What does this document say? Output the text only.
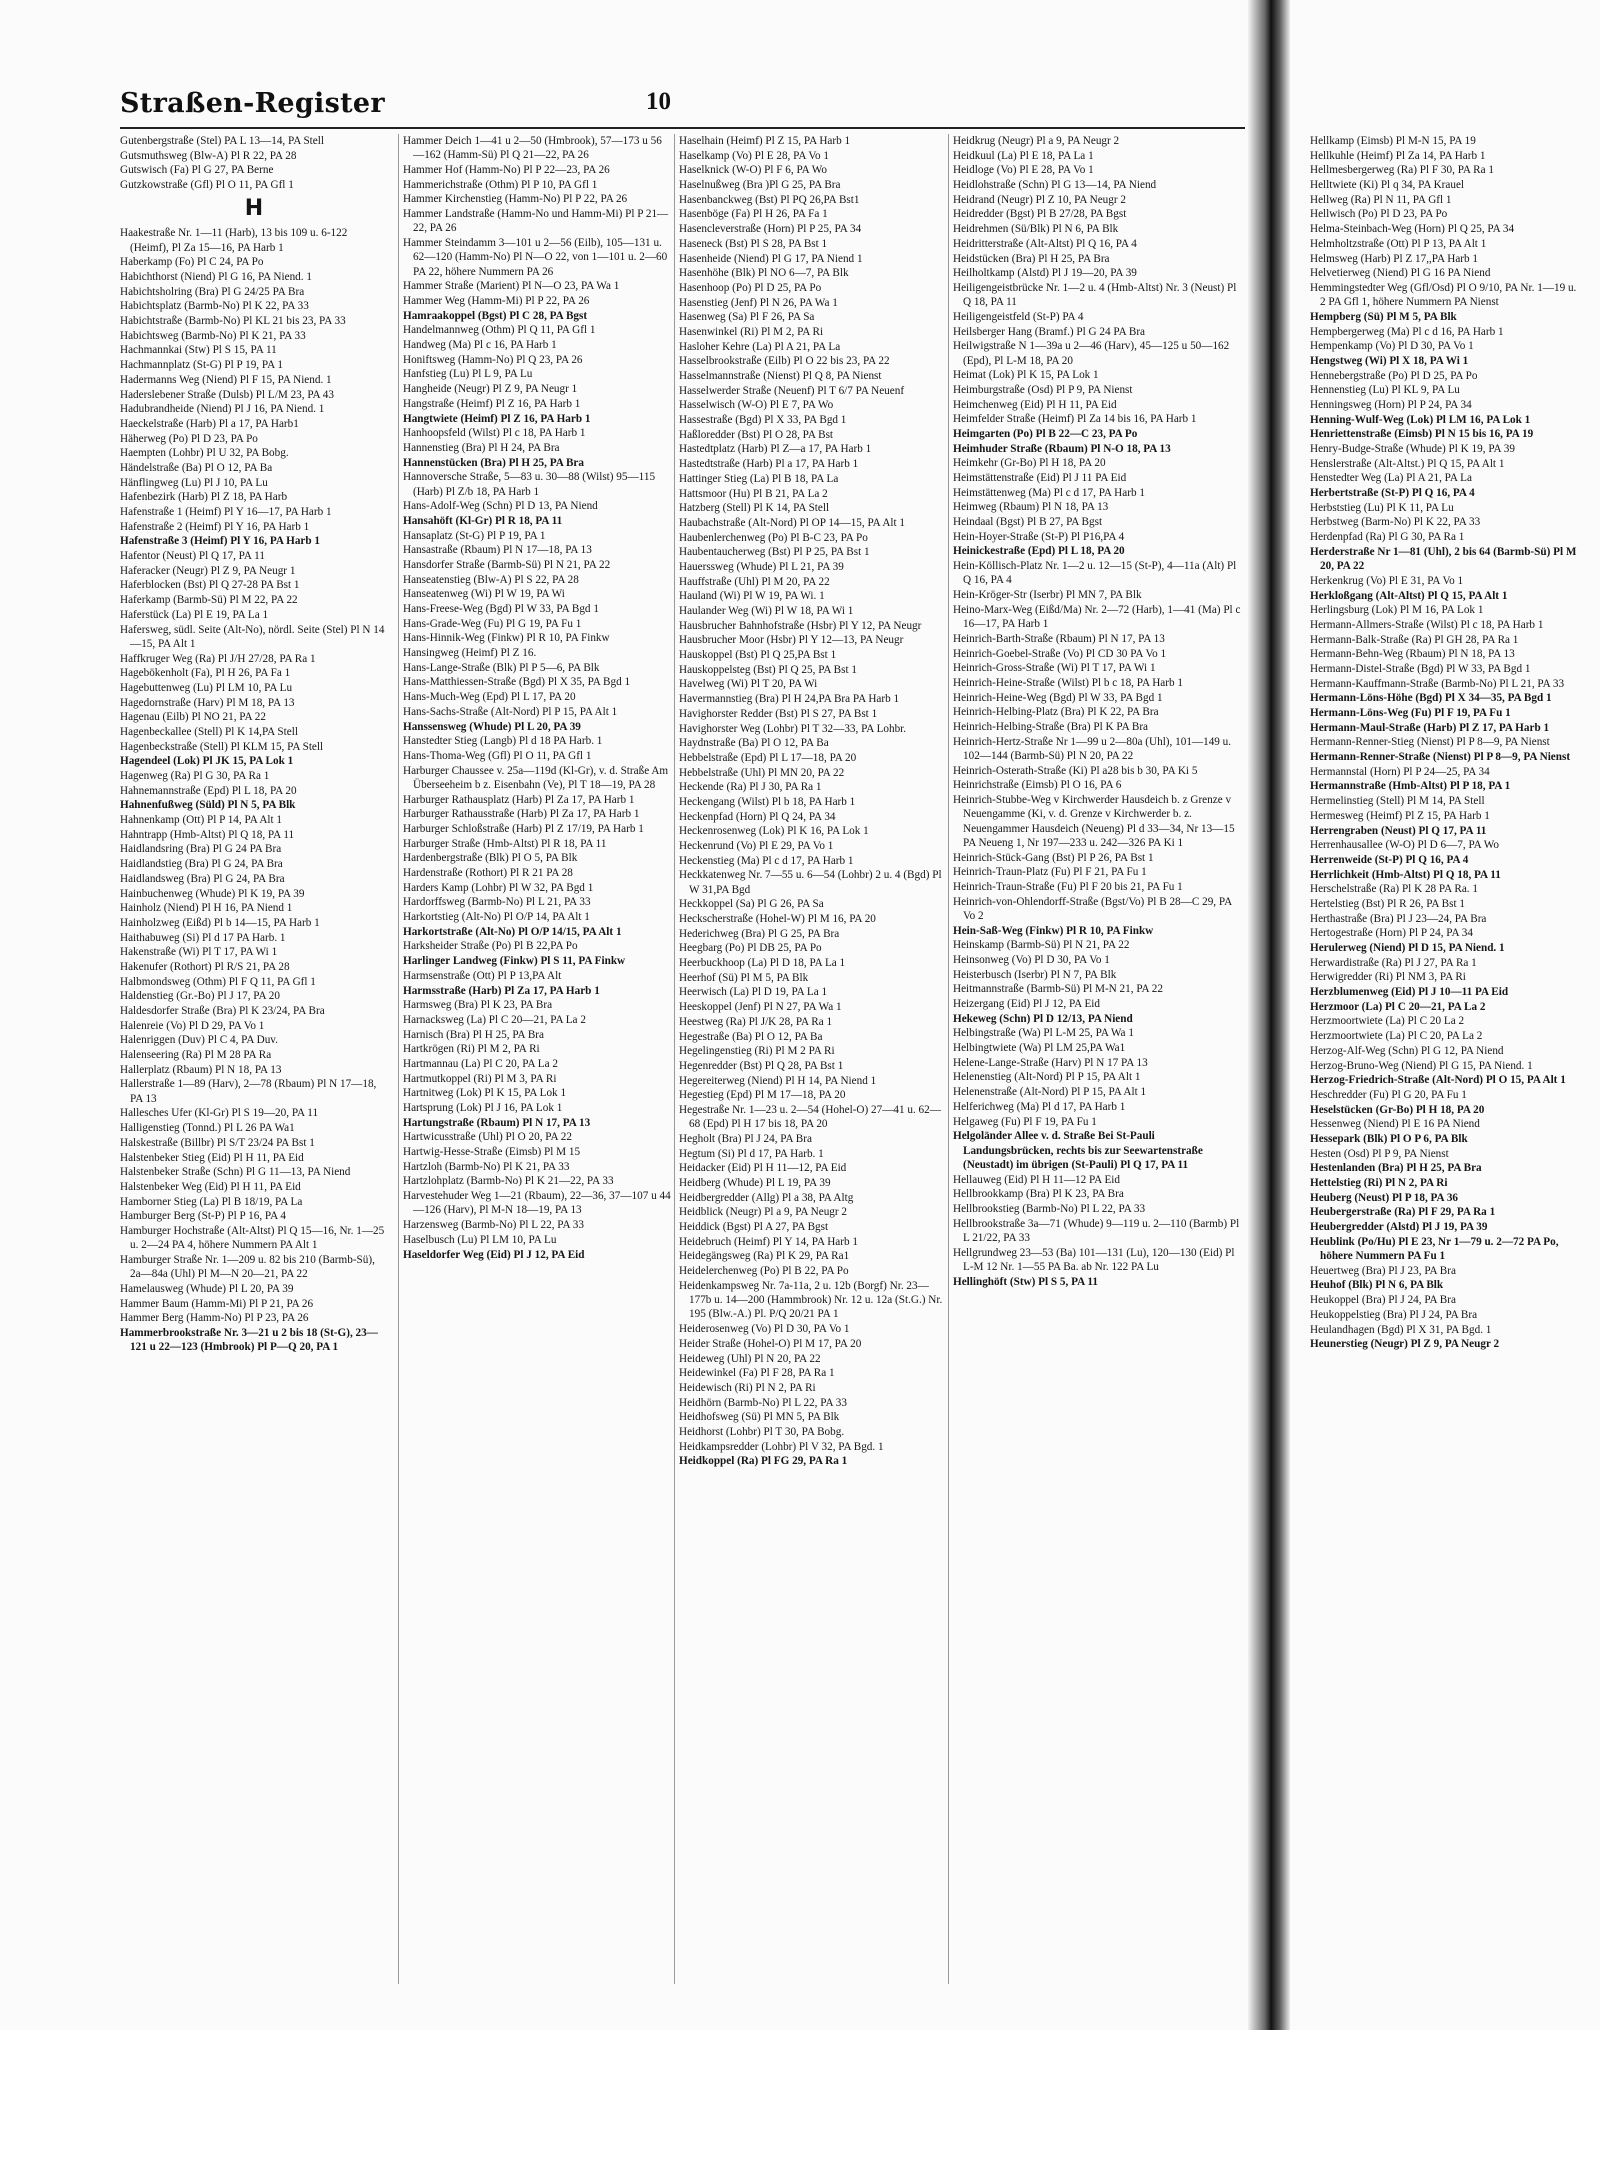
Straßen-Register	10
Gutenbergstraße (Stel) PA L 13—14, PA Stell
Gutsmuthsweg (Blw-A) Pl R 22, PA 28
Gutswisch (Fa) Pl G 27, PA Berne
Gutzkowstraße (Gfl) Pl O 11, PA Gfl 1
H
Haakestraße Nr. 1—11 (Harb), 13 bis 109 u. 6-122 (Heimf), Pl Za 15—16, PA Harb 1
Haberkamp (Fo) Pl C 24, PA Po
Habichthorst (Niend) Pl G 16, PA Niend. 1
Habichtsholring (Bra) Pl G 24/25 PA Bra
Habichtsplatz (Barmb-No) Pl K 22, PA 33
Habichtstraße (Barmb-No) Pl KL 21 bis 23, PA 33
Habichtsweg (Barmb-No) Pl K 21, PA 33
Hachmannkai (Stw) Pl S 15, PA 11
Hachmannplatz (St-G) Pl P 19, PA 1
Hadermanns Weg (Niend) Pl F 15, PA Niend. 1
Haderslebener Straße (Dulsb) Pl L/M 23, PA 43
Hadubrandheide (Niend) Pl J 16, PA Niend. 1
Haeckelstraße (Harb) Pl a 17, PA Harb1
Häherweg (Po) Pl D 23, PA Po
Haempten (Lohbr) Pl U 32, PA Bobg.
Händelstraße (Ba) Pl O 12, PA Ba
Hänflingweg (Lu) Pl J 10, PA Lu
Hafenbezirk (Harb) Pl Z 18, PA Harb
Hafenstraße 1 (Heimf) Pl Y 16—17, PA Harb 1
Hafenstraße 2 (Heimf) Pl Y 16, PA Harb 1
Hafenstraße 3 (Heimf) Pl Y 16, PA Harb 1
Hafentor (Neust) Pl Q 17, PA 11
Haferacker (Neugr) Pl Z 9, PA Neugr 1
Haferblocken (Bst) Pl Q 27-28 PA Bst 1
Haferkamp (Barmb-Sü) Pl M 22, PA 22
Haferstück (La) Pl E 19, PA La 1
Hafersweg, südl. Seite (Alt-No), nördl. Seite (Stel) Pl N 14—15, PA Alt 1
Haffkruger Weg (Ra) Pl J/H 27/28, PA Ra 1
Hagebökenholt (Fa), Pl H 26, PA Fa 1
Hagebuttenweg (Lu) Pl LM 10, PA Lu
Hagedornstraße (Harv) Pl M 18, PA 13
Hagenau (Eilb) Pl NO 21, PA 22
Hagenbeckallee (Stell) Pl K 14,PA Stell
Hagenbeckstraße (Stell) Pl KLM 15, PA Stell
Hagendeel (Lok) Pl JK 15, PA Lok 1
Hagenweg (Ra) Pl G 30, PA Ra 1
Hahnemannstraße (Epd) Pl L 18, PA 20
Hahnenfußweg (Süld) Pl N 5, PA Blk
Hahnenkamp (Ott) Pl P 14, PA Alt 1
Hahntrapp (Hmb-Altst) Pl Q 18, PA 11
Haidlandsring (Bra) Pl G 24 PA Bra
Haidlandstieg (Bra) Pl G 24, PA Bra
Haidlandsweg (Bra) Pl G 24, PA Bra
Hainbuchenweg (Whude) Pl K 19, PA 39
Hainholz (Niend) Pl H 16, PA Niend 1
Hainholzweg (Eißd) Pl b 14—15, PA Harb 1
Haithabuweg (Si) Pl d 17 PA Harb. 1
Hakenstraße (Wi) Pl T 17, PA Wi 1
Hakenufer (Rothort) Pl R/S 21, PA 28
Halbmondsweg (Othm) Pl F Q 11, PA Gfl 1
Haldenstieg (Gr.-Bo) Pl J 17, PA 20
Haldesdorfer Straße (Bra) Pl K 23/24, PA Bra
Halenreie (Vo) Pl D 29, PA Vo 1
Halenriggen (Duv) Pl C 4, PA Duv.
Halenseering (Ra) Pl M 28 PA Ra
Hallerplatz (Rbaum) Pl N 18, PA 13
Hallerstraße 1—89 (Harv), 2—78 (Rbaum) Pl N 17—18, PA 13
Hallesches Ufer (Kl-Gr) Pl S 19—20, PA 11
Halligenstieg (Tonnd.) Pl L 26 PA Wa1
Halskestraße (Billbr) Pl S/T 23/24 PA Bst 1
Halstenbeker Stieg (Eid) Pl H 11, PA Eid
Halstenbeker Straße (Schn) Pl G 11—13, PA Niend
Halstenbeker Weg (Eid) Pl H 11, PA Eid
Hamborner Stieg (La) Pl B 18/19, PA La
Hamburger Berg (St-P) Pl P 16, PA 4
Hamburger Hochstraße (Alt-Altst) Pl Q 15—16, Nr. 1—25 u. 2—24 PA 4, höhere Nummern PA Alt 1
Hamburger Straße Nr. 1—209 u. 82 bis 210 (Barmb-Sü), 2a—84a (Uhl) Pl M—N 20—21, PA 22
Hamelausweg (Whude) Pl L 20, PA 39
Hammer Baum (Hamm-Mi) Pl P 21, PA 26
Hammer Berg (Hamm-No) Pl P 23, PA 26
Hammerbrookstraße Nr. 3—21 u 2 bis 18 (St-G), 23—121 u 22—123 (Hmbrook) Pl P—Q 20, PA 1
Hammer Deich 1—41 u 2—50 (Hmbrook), 57—173 u 56—162 (Hamm-Sü) Pl Q 21—22, PA 26
Hammer Hof (Hamm-No) Pl P 22—23, PA 26
Hammerichstraße (Othm) Pl P 10, PA Gfl 1
Hammer Kirchenstieg (Hamm-No) Pl P 22, PA 26
Hammer Landstraße (Hamm-No und Hamm-Mi) Pl P 21—22, PA 26
Hammer Steindamm 3—101 u 2—56 (Eilb), 105—131 u. 62—120 (Hamm-No) Pl N—O 22, von 1—101 u. 2—60 PA 22, höhere Nummern PA 26
Hammer Straße (Marient) Pl N—O 23, PA Wa 1
Hammer Weg (Hamm-Mi) Pl P 22, PA 26
Hamraakoppel (Bgst) Pl C 28, PA Bgst
Handelmannweg (Othm) Pl Q 11, PA Gfl 1
Handweg (Ma) Pl c 16, PA Harb 1
Honiftsweg (Hamm-No) Pl Q 23, PA 26
Hanfstieg (Lu) Pl L 9, PA Lu
Hangheide (Neugr) Pl Z 9, PA Neugr 1
Hangstraße (Heimf) Pl Z 16, PA Harb 1
Hangtwiete (Heimf) Pl Z 16, PA Harb 1
Hanhoopsfeld (Wilst) Pl c 18, PA Harb 1
Hannenstieg (Bra) Pl H 24, PA Bra
Hannenstücken (Bra) Pl H 25, PA Bra
Hannoversche Straße, 5—83 u. 30—88 (Wilst) 95—115 (Harb) Pl Z/b 18, PA Harb 1
Hans-Adolf-Weg (Schn) Pl D 13, PA Niend
Hansahöft (Kl-Gr) Pl R 18, PA 11
Hansaplatz (St-G) Pl P 19, PA 1
Hansastraße (Rbaum) Pl N 17—18, PA 13
Hansdorfer Straße (Barmb-Sü) Pl N 21, PA 22
Hanseatenstieg (Blw-A) Pl S 22, PA 28
Hanseatenweg (Wi) Pl W 19, PA Wi
Hans-Freese-Weg (Bgd) Pl W 33, PA Bgd 1
Hans-Grade-Weg (Fu) Pl G 19, PA Fu 1
Hans-Hinnik-Weg (Finkw) Pl R 10, PA Finkw
Hansingweg (Heimf) Pl Z 16.
Hans-Lange-Straße (Blk) Pl P 5—6, PA Blk
Hans-Matthiessen-Straße (Bgd) Pl X 35, PA Bgd 1
Hans-Much-Weg (Epd) Pl L 17, PA 20
Hans-Sachs-Straße (Alt-Nord) Pl P 15, PA Alt 1
Hanssensweg (Whude) Pl L 20, PA 39
Hanstedter Stieg (Langb) Pl d 18 PA Harb. 1
Hans-Thoma-Weg (Gfl) Pl O 11, PA Gfl 1
Harburger Chaussee v. 25a—119d (Kl-Gr), v. d. Straße Am Überseeheim b z. Eisenbahn (Ve), Pl T 18—19, PA 28
Harburger Rathausplatz (Harb) Pl Za 17, PA Harb 1
Harburger Rathausstraße (Harb) Pl Za 17, PA Harb 1
Harburger Schloßstraße (Harb) Pl Z 17/19, PA Harb 1
Harburger Straße (Hmb-Altst) Pl R 18, PA 11
Hardenbergstraße (Blk) Pl O 5, PA Blk
Hardenstraße (Rothort) Pl R 21 PA 28
Harders Kamp (Lohbr) Pl W 32, PA Bgd 1
Hardorffsweg (Barmb-No) Pl L 21, PA 33
Harkortstieg (Alt-No) Pl O/P 14, PA Alt 1
Harkortstraße (Alt-No) Pl O/P 14/15, PA Alt 1
Harksheider Straße (Po) Pl B 22,PA Po
Harlinger Landweg (Finkw) Pl S 11, PA Finkw
Harmsenstraße (Ott) Pl P 13,PA Alt
Harmsstraße (Harb) Pl Za 17, PA Harb 1
Harmsweg (Bra) Pl K 23, PA Bra
Harnacksweg (La) Pl C 20—21, PA La 2
Harnisch (Bra) Pl H 25, PA Bra
Hartkrögen (Ri) Pl M 2, PA Ri
Hartmannau (La) Pl C 20, PA La 2
Hartmutkoppel (Ri) Pl M 3, PA Ri
Hartnitweg (Lok) Pl K 15, PA Lok 1
Hartsprung (Lok) Pl J 16, PA Lok 1
Hartungstraße (Rbaum) Pl N 17, PA 13
Hartwicusstraße (Uhl) Pl O 20, PA 22
Hartwig-Hesse-Straße (Eimsb) Pl M 15
Hartzloh (Barmb-No) Pl K 21, PA 33
Hartzlohplatz (Barmb-No) Pl K 21—22, PA 33
Harvestehuder Weg 1—21 (Rbaum), 22—36, 37—107 u 44—126 (Harv), Pl M-N 18—19, PA 13
Harzensweg (Barmb-No) Pl L 22, PA 33
Haselbusch (Lu) Pl LM 10, PA Lu
Haseldorfer Weg (Eid) Pl J 12, PA Eid
Haselhain (Heimf) Pl Z 15, PA Harb 1
Haselkamp (Vo) Pl E 28, PA Vo 1
Haselknick (W-O) Pl F 6, PA Wo
Haselnußweg (Bra )Pl G 25, PA Bra
Hasenbanckweg (Bst) Pl PQ 26,PA Bst1
Hasenböge (Fa) Pl H 26, PA Fa 1
Hasencleverstraße (Horn) Pl P 25, PA 34
Haseneck (Bst) Pl S 28, PA Bst 1
Hasenheide (Niend) Pl G 17, PA Niend 1
Hasenhöhe (Blk) Pl NO 6—7, PA Blk
Hasenhoop (Po) Pl D 25, PA Po
Hasenstieg (Jenf) Pl N 26, PA Wa 1
Hasenweg (Sa) Pl F 26, PA Sa
Hasenwinkel (Ri) Pl M 2, PA Ri
Hasloher Kehre (La) Pl A 21, PA La
Hasselbrookstraße (Eilb) Pl O 22 bis 23, PA 22
Hasselmannstraße (Nienst) Pl Q 8, PA Nienst
Hasselwerder Straße (Neuenf) Pl T 6/7 PA Neuenf
Hasselwisch (W-O) Pl E 7, PA Wo
Hassestraße (Bgd) Pl X 33, PA Bgd 1
Haßloredder (Bst) Pl O 28, PA Bst
Hastedtplatz (Harb) Pl Z—a 17, PA Harb 1
Hastedtstraße (Harb) Pl a 17, PA Harb 1
Hattinger Stieg (La) Pl B 18, PA La
Hattsmoor (Hu) Pl B 21, PA La 2
Hatzberg (Stell) Pl K 14, PA Stell
Haubachstraße (Alt-Nord) Pl OP 14—15, PA Alt 1
Haubenlerchenweg (Po) Pl B-C 23, PA Po
Haubentaucherweg (Bst) Pl P 25, PA Bst 1
Hauerssweg (Whude) Pl L 21, PA 39
Hauffstraße (Uhl) Pl M 20, PA 22
Hauland (Wi) Pl W 19, PA Wi. 1
Haulander Weg (Wi) Pl W 18, PA Wi 1
Hausbrucher Bahnhofstraße (Hsbr) Pl Y 12, PA Neugr
Hausbrucher Moor (Hsbr) Pl Y 12—13, PA Neugr
Hauskoppel (Bst) Pl Q 25,PA Bst 1
Hauskoppelsteg (Bst) Pl Q 25, PA Bst 1
Havelweg (Wi) Pl T 20, PA Wi
Havermannstieg (Bra) Pl H 24,PA Bra PA Harb 1
Havighorster Redder (Bst) Pl S 27, PA Bst 1
Havighorster Weg (Lohbr) Pl T 32—33, PA Lohbr.
Haydnstraße (Ba) Pl O 12, PA Ba
Hebbelstraße (Epd) Pl L 17—18, PA 20
Hebbelstraße (Uhl) Pl MN 20, PA 22
Heckende (Ra) Pl J 30, PA Ra 1
Heckengang (Wilst) Pl b 18, PA Harb 1
Heckenpfad (Horn) Pl Q 24, PA 34
Heckenrosenweg (Lok) Pl K 16, PA Lok 1
Heckenrund (Vo) Pl E 29, PA Vo 1
Heckenstieg (Ma) Pl c d 17, PA Harb 1
Heckkatenweg Nr. 7—55 u. 6—54 (Lohbr) 2 u. 4 (Bgd) Pl W 31,PA Bgd
Heckkoppel (Sa) Pl G 26, PA Sa
Heckscherstraße (Hohel-W) Pl M 16, PA 20
Hederichweg (Bra) Pl G 25, PA Bra
Heegbarg (Po) Pl DB 25, PA Po
Heerbuckhoop (La) Pl D 18, PA La 1
Heerhof (Sü) Pl M 5, PA Blk
Heerwisch (La) Pl D 19, PA La 1
Heeskoppel (Jenf) Pl N 27, PA Wa 1
Heestweg (Ra) Pl J/K 28, PA Ra 1
Hegestraße (Ba) Pl O 12, PA Ba
Hegelingenstieg (Ri) Pl M 2 PA Ri
Hegenredder (Bst) Pl Q 28, PA Bst 1
Hegereiterweg (Niend) Pl H 14, PA Niend 1
Hegestieg (Epd) Pl M 17—18, PA 20
Hegestraße Nr. 1—23 u. 2—54 (Hohel-O) 27—41 u. 62—68 (Epd) Pl H 17 bis 18, PA 20
Hegholt (Bra) Pl J 24, PA Bra
Hegtum (Si) Pl d 17, PA Harb. 1
Heidacker (Eid) Pl H 11—12, PA Eid
Heidberg (Whude) Pl L 19, PA 39
Heidbergredder (Allg) Pl a 38, PA Altg
Heidblick (Neugr) Pl a 9, PA Neugr 2
Heiddick (Bgst) Pl A 27, PA Bgst
Heidebruch (Heimf) Pl Y 14, PA Harb 1
Heidegängsweg (Ra) Pl K 29, PA Ra1
Heidelerchenweg (Po) Pl B 22, PA Po
Heidenkampsweg Nr. 7a-11a, 2 u. 12b (Borgf) Nr. 23—177b u. 14—200 (Hammbrook) Nr. 12 u. 12a (St.G.) Nr. 195 (Blw.-A.) Pl. P/Q 20/21 PA 1
Heiderosenweg (Vo) Pl D 30, PA Vo 1
Heider Straße (Hohel-O) Pl M 17, PA 20
Heideweg (Uhl) Pl N 20, PA 22
Heidewinkel (Fa) Pl F 28, PA Ra 1
Heidewisch (Ri) Pl N 2, PA Ri
Heidhörn (Barmb-No) Pl L 22, PA 33
Heidhofsweg (Sü) Pl MN 5, PA Blk
Heidhorst (Lohbr) Pl T 30, PA Bobg.
Heidkampsredder (Lohbr) Pl V 32, PA Bgd. 1
Heidkoppel (Ra) Pl FG 29, PA Ra 1
Heidkrug (Neugr) Pl a 9, PA Neugr 2
Heidkuul (La) Pl E 18, PA La 1
Heidloge (Vo) Pl E 28, PA Vo 1
Heidlohstraße (Schn) Pl G 13—14, PA Niend
Heidrand (Neugr) Pl Z 10, PA Neugr 2
Heidredder (Bgst) Pl B 27/28, PA Bgst
Heidrehmen (Sü/Blk) Pl N 6, PA Blk
Heidritterstraße (Alt-Altst) Pl Q 16, PA 4
Heidstücken (Bra) Pl H 25, PA Bra
Heilholtkamp (Alstd) Pl J 19—20, PA 39
Heiligengeistbrücke Nr. 1—2 u. 4 (Hmb-Altst) Nr. 3 (Neust) Pl Q 18, PA 11
Heiligengeistfeld (St-P) PA 4
Heilsberger Hang (Bramf.) Pl G 24 PA Bra
Heilwigstraße N 1—39a u 2—46 (Harv), 45—125 u 50—162 (Epd), Pl L-M 18, PA 20
Heimat (Lok) Pl K 15, PA Lok 1
Heimburgstraße (Osd) Pl P 9, PA Nienst
Heimchenweg (Eid) Pl H 11, PA Eid
Heimfelder Straße (Heimf) Pl Za 14 bis 16, PA Harb 1
Heimgarten (Po) Pl B 22—C 23, PA Po
Heimhuder Straße (Rbaum) Pl N-O 18, PA 13
Heimkehr (Gr-Bo) Pl H 18, PA 20
Heimstättenstraße (Eid) Pl J 11 PA Eid
Heimstättenweg (Ma) Pl c d 17, PA Harb 1
Heimweg (Rbaum) Pl N 18, PA 13
Heindaal (Bgst) Pl B 27, PA Bgst
Hein-Hoyer-Straße (St-P) Pl P16,PA 4
Heinickestraße (Epd) Pl L 18, PA 20
Hein-Köllisch-Platz Nr. 1—2 u. 12—15 (St-P), 4—11a (Alt) Pl Q 16, PA 4
Hein-Kröger-Str (Iserbr) Pl MN 7, PA Blk
Heino-Marx-Weg (Eißd/Ma) Nr. 2—72 (Harb), 1—41 (Ma) Pl c 16—17, PA Harb 1
Heinrich-Barth-Straße (Rbaum) Pl N 17, PA 13
Heinrich-Goebel-Straße (Vo) Pl CD 30 PA Vo 1
Heinrich-Gross-Straße (Wi) Pl T 17, PA Wi 1
Heinrich-Heine-Straße (Wilst) Pl b c 18, PA Harb 1
Heinrich-Heine-Weg (Bgd) Pl W 33, PA Bgd 1
Heinrich-Helbing-Platz (Bra) Pl K 22, PA Bra
Heinrich-Helbing-Straße (Bra) Pl K PA Bra
Heinrich-Hertz-Straße Nr 1—99 u 2—80a (Uhl), 101—149 u. 102—144 (Barmb-Sü) Pl N 20, PA 22
Heinrich-Osterath-Straße (Ki) Pl a28 bis b 30, PA Ki 5
Heinrichstraße (Eimsb) Pl O 16, PA 6
Heinrich-Stubbe-Weg v Kirchwerder Hausdeich b. z Grenze v Neuengamme (Ki, v. d. Grenze v Kirchwerder b. z. Neuengammer Hausdeich (Neueng) Pl d 33—34, Nr 13—15 PA Neueng 1, Nr 197—233 u. 242—326 PA Ki 1
Heinrich-Stück-Gang (Bst) Pl P 26, PA Bst 1
Heinrich-Traun-Platz (Fu) Pl F 21, PA Fu 1
Heinrich-Traun-Straße (Fu) Pl F 20 bis 21, PA Fu 1
Heinrich-von-Ohlendorff-Straße (Bgst/Vo) Pl B 28—C 29, PA Vo 2
Hein-Saß-Weg (Finkw) Pl R 10, PA Finkw
Heinskamp (Barmb-Sü) Pl N 21, PA 22
Heinsonweg (Vo) Pl D 30, PA Vo 1
Heisterbusch (Iserbr) Pl N 7, PA Blk
Heitmannstraße (Barmb-Sü) Pl M-N 21, PA 22
Heizergang (Eid) Pl J 12, PA Eid
Hekeweg (Schn) Pl D 12/13, PA Niend
Helbingstraße (Wa) Pl L-M 25, PA Wa 1
Helbingtwiete (Wa) Pl LM 25,PA Wa1
Helene-Lange-Straße (Harv) Pl N 17 PA 13
Helenenstieg (Alt-Nord) Pl P 15, PA Alt 1
Helenenstraße (Alt-Nord) Pl P 15, PA Alt 1
Helferichweg (Ma) Pl d 17, PA Harb 1
Helgaweg (Fu) Pl F 19, PA Fu 1
Helgoländer Allee v. d. Straße Bei St-Pauli Landungsbrücken, rechts bis zur Seewartenstraße (Neustadt) im übrigen (St-Pauli) Pl Q 17, PA 11
Hellauweg (Eid) Pl H 11—12 PA Eid
Hellbrookkamp (Bra) Pl K 23, PA Bra
Hellbrookstieg (Barmb-No) Pl L 22, PA 33
Hellbrookstraße 3a—71 (Whude) 9—119 u. 2—110 (Barmb) Pl L 21/22, PA 33
Hellgrundweg 23—53 (Ba) 101—131 (Lu), 120—130 (Eid) Pl L-M 12 Nr. 1—55 PA Ba. ab Nr. 122 PA Lu
Hellinghöft (Stw) Pl S 5, PA 11
Hellkamp (Eimsb) Pl M-N 15, PA 19
Hellkuhle (Heimf) Pl Za 14, PA Harb 1
Hellmesbergerweg (Ra) Pl F 30, PA Ra 1
Helltwiete (Ki) Pl q 34, PA Krauel
Hellweg (Ra) Pl N 11, PA Gfl 1
Hellwisch (Po) Pl D 23, PA Po
Helma-Steinbach-Weg (Horn) Pl Q 25, PA 34
Helmholtzstraße (Ott) Pl P 13, PA Alt 1
Helmsweg (Harb) Pl Z 17,,PA Harb 1
Helvetierweg (Niend) Pl G 16 PA Niend
Hemmingstedter Weg (Gfl/Osd) Pl O 9/10, PA Nr. 1—19 u. 2 PA Gfl 1, höhere Nummern PA Nienst
Hempberg (Sü) Pl M 5, PA Blk
Hempbergerweg (Ma) Pl c d 16, PA Harb 1
Hempenkamp (Vo) Pl D 30, PA Vo 1
Hengstweg (Wi) Pl X 18, PA Wi 1
Hennebergstraße (Po) Pl D 25, PA Po
Hennenstieg (Lu) Pl KL 9, PA Lu
Henningsweg (Horn) Pl P 24, PA 34
Henning-Wulf-Weg (Lok) Pl LM 16, PA Lok 1
Henriettenstraße (Eimsb) Pl N 15 bis 16, PA 19
Henry-Budge-Straße (Whude) Pl K 19, PA 39
Henslerstraße (Alt-Altst.) Pl Q 15, PA Alt 1
Henstedter Weg (La) Pl A 21, PA La
Herbertstraße (St-P) Pl Q 16, PA 4
Herbststieg (Lu) Pl K 11, PA Lu
Herbstweg (Barm-No) Pl K 22, PA 33
Herdenpfad (Ra) Pl G 30, PA Ra 1
Herderstraße Nr 1—81 (Uhl), 2 bis 64 (Barmb-Sü) Pl M 20, PA 22
Herkenkrug (Vo) Pl E 31, PA Vo 1
Herkloßgang (Alt-Altst) Pl Q 15, PA Alt 1
Herlingsburg (Lok) Pl M 16, PA Lok 1
Hermann-Allmers-Straße (Wilst) Pl c 18, PA Harb 1
Hermann-Balk-Straße (Ra) Pl GH 28, PA Ra 1
Hermann-Behn-Weg (Rbaum) Pl N 18, PA 13
Hermann-Distel-Straße (Bgd) Pl W 33, PA Bgd 1
Hermann-Kauffmann-Straße (Barmb-No) Pl L 21, PA 33
Hermann-Löns-Höhe (Bgd) Pl X 34—35, PA Bgd 1
Hermann-Löns-Weg (Fu) Pl F 19, PA Fu 1
Hermann-Maul-Straße (Harb) Pl Z 17, PA Harb 1
Hermann-Renner-Stieg (Nienst) Pl P 8—9, PA Nienst
Hermann-Renner-Straße (Nienst) Pl P 8—9, PA Nienst
Hermannstal (Horn) Pl P 24—25, PA 34
Hermannstraße (Hmb-Altst) Pl P 18, PA 1
Hermelinstieg (Stell) Pl M 14, PA Stell
Hermesweg (Heimf) Pl Z 15, PA Harb 1
Herrengraben (Neust) Pl Q 17, PA 11
Herrenhausallee (W-O) Pl D 6—7, PA Wo
Herrenweide (St-P) Pl Q 16, PA 4
Herrlichkeit (Hmb-Altst) Pl Q 18, PA 11
Herschelstraße (Ra) Pl K 28 PA Ra. 1
Hertelstieg (Bst) Pl R 26, PA Bst 1
Herthastraße (Bra) Pl J 23—24, PA Bra
Hertogestraße (Horn) Pl P 24, PA 34
Herulerweg (Niend) Pl D 15, PA Niend. 1
Herwardistraße (Ra) Pl J 27, PA Ra 1
Herwigredder (Ri) Pl NM 3, PA Ri
Herzblumenweg (Eid) Pl J 10—11 PA Eid
Herzmoor (La) Pl C 20—21, PA La 2
Herzmoortwiete (La) Pl C 20 La 2
Herzmoortwiete (La) Pl C 20, PA La 2
Herzog-Alf-Weg (Schn) Pl G 12, PA Niend
Herzog-Bruno-Weg (Niend) Pl G 15, PA Niend. 1
Herzog-Friedrich-Straße (Alt-Nord) Pl O 15, PA Alt 1
Heschredder (Fu) Pl G 20, PA Fu 1
Heselstücken (Gr-Bo) Pl H 18, PA 20
Hessenweg (Niend) Pl E 16 PA Niend
Hessepark (Blk) Pl O P 6, PA Blk
Hesten (Osd) Pl P 9, PA Nienst
Hestenlanden (Bra) Pl H 25, PA Bra
Hettelstieg (Ri) Pl N 2, PA Ri
Heuberg (Neust) Pl P 18, PA 36
Heubergerstraße (Ra) Pl F 29, PA Ra 1
Heubergredder (Alstd) Pl J 19, PA 39
Heublink (Po/Hu) Pl E 23, Nr 1—79 u. 2—72 PA Po, höhere Nummern PA Fu 1
Heuertweg (Bra) Pl J 23, PA Bra
Heuhof (Blk) Pl N 6, PA Blk
Heukoppel (Bra) Pl J 24, PA Bra
Heukoppelstieg (Bra) Pl J 24, PA Bra
Heulandhagen (Bgd) Pl X 31, PA Bgd. 1
Heunerstieg (Neugr) Pl Z 9, PA Neugr 2
